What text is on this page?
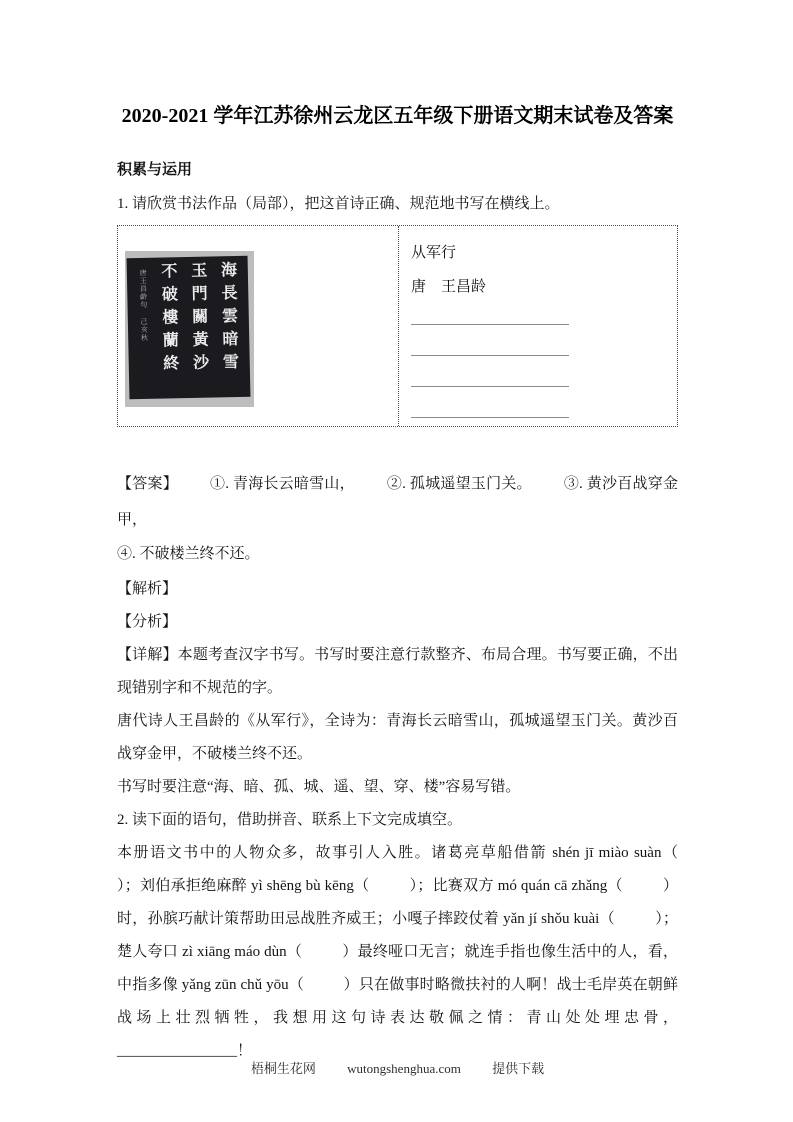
2020-2021 学年江苏徐州云龙区五年级下册语文期末试卷及答案
积累与运用

1. 请欣赏书法作品（局部），把这首诗正确、规范地书写在横线上。

海長雲暗雪
玉門關黃沙
不破樓蘭終
唐王昌齡句 己亥秋
从军行
唐    王昌龄

【答案】 ①. 青海长云暗雪山， ②. 孤城遥望玉门关。 ③. 黄沙百战穿金甲，

④. 不破楼兰终不还。

【解析】

【分析】

【详解】本题考查汉字书写。书写时要注意行款整齐、布局合理。书写要正确，不出现错别字和不规范的字。

唐代诗人王昌龄的《从军行》，全诗为：青海长云暗雪山，孤城遥望玉门关。黄沙百战穿金甲，不破楼兰终不还。

书写时要注意“海、暗、孤、城、遥、望、穿、楼”容易写错。

2. 读下面的语句，借助拼音、联系上下文完成填空。

本册语文书中的人物众多，故事引人入胜。诸葛亮草船借箭 shén jī miào suàn（          ）；刘伯承拒绝麻醉 yì shēng bù kēng（          ）；比赛双方 mó quán cā zhǎng（          ）时，孙膑巧献计策帮助田忌战胜齐威王；小嘎子摔跤仗着 yǎn jí shǒu kuài（          ）；楚人夸口 zì xiāng máo dùn（          ）最终哑口无言；就连手指也像生活中的人，看，中指多像 yǎng zūn chǔ yōu（          ）只在做事时略微扶衬的人啊！战士毛岸英在朝鲜战场上壮烈牺牲，我想用这句诗表达敬佩之情：青山处处埋忠骨，________________！

梧桐生花网 wutongshenghua.com 提供下载
